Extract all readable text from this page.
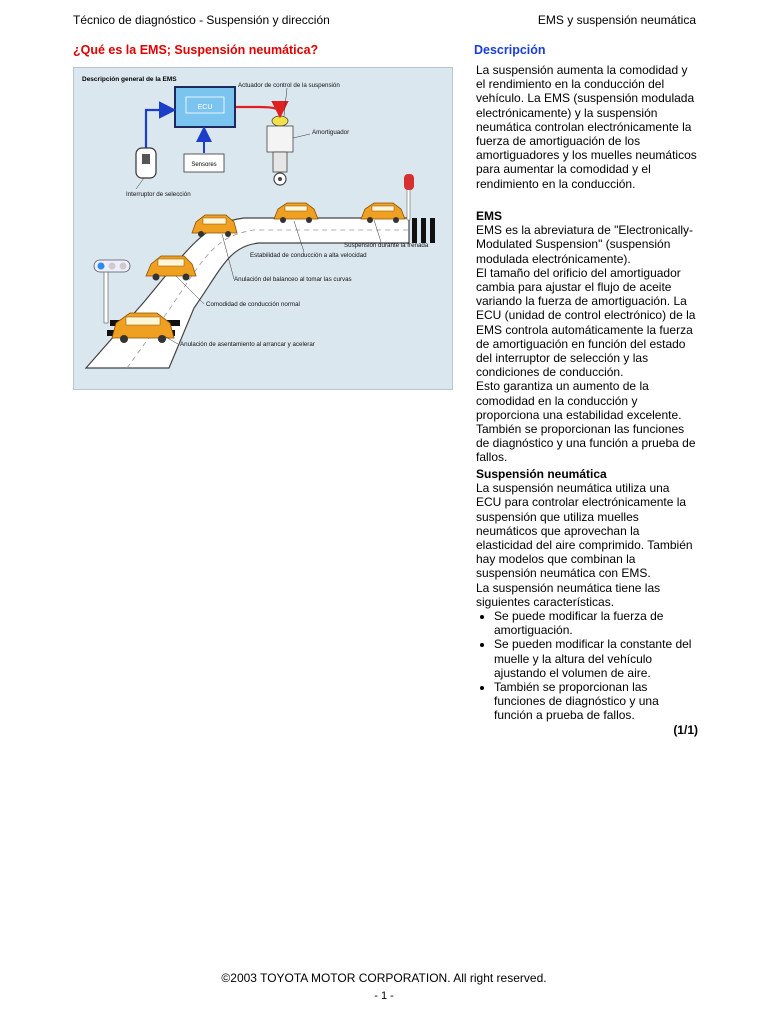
Técnico de diagnóstico - Suspensión y dirección	EMS y suspensión neumática
¿Qué es la EMS; Suspensión neumática?	Descripción
Descripción general de la EMS
ECU
Sensores
Actuador de control de la suspensión
Amortiguador
Interruptor de selección
Suspensión durante la frenada
Estabilidad de conducción a alta velocidad
Anulación del balanceo al tomar las curvas
Comodidad de conducción normal
Anulación de asentamiento al arrancar y acelerar

La suspensión aumenta la comodidad y el rendimiento en la conducción del vehículo. La EMS (suspensión modulada electrónicamente) y la suspensión neumática controlan electrónicamente la fuerza de amortiguación de los amortiguadores y los muelles neumáticos para aumentar la comodidad y el rendimiento en la conducción.

EMS

EMS es la abreviatura de "Electronically-Modulated Suspension" (suspensión modulada electrónicamente).

El tamaño del orificio del amortiguador cambia para ajustar el flujo de aceite variando la fuerza de amortiguación. La ECU (unidad de control electrónico) de la EMS controla automáticamente la fuerza de amortiguación en función del estado del interruptor de selección y las condiciones de conducción.

Esto garantiza un aumento de la comodidad en la conducción y proporciona una estabilidad excelente. También se proporcionan las funciones de diagnóstico y una función a prueba de fallos.

Suspensión neumática

La suspensión neumática utiliza una ECU para controlar electrónicamente la suspensión que utiliza muelles neumáticos que aprovechan la elasticidad del aire comprimido. También hay modelos que combinan la suspensión neumática con EMS.

La suspensión neumática tiene las siguientes características.

• Se puede modificar la fuerza de amortiguación.
• Se pueden modificar la constante del muelle y la altura del vehículo ajustando el volumen de aire.
• También se proporcionan las funciones de diagnóstico y una función a prueba de fallos.

(1/1)

©2003 TOYOTA MOTOR CORPORATION. All right reserved.
- 1 -
